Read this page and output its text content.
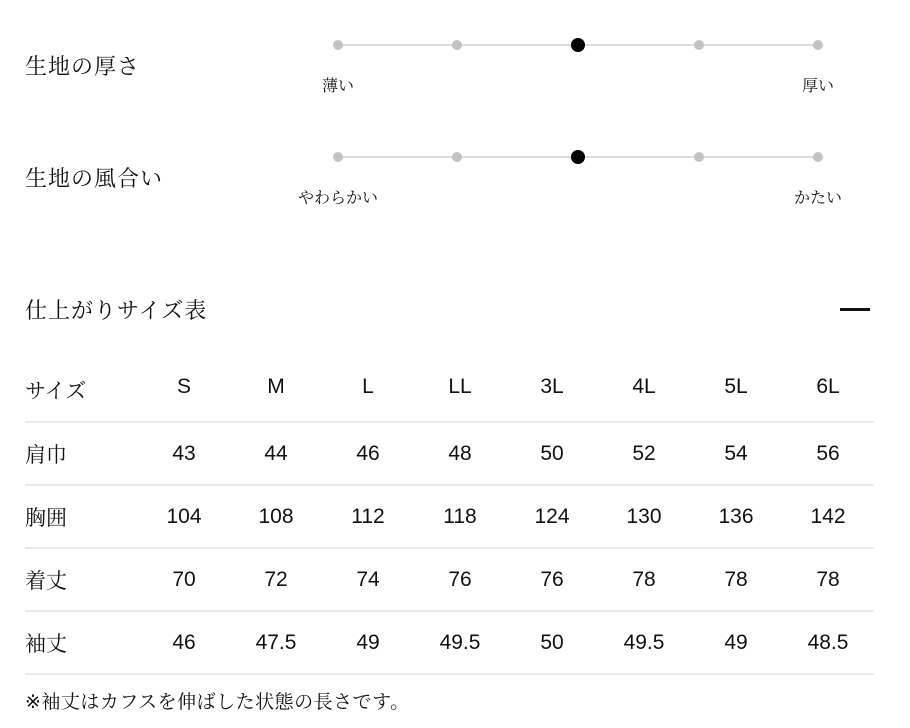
生地の厚さ
薄い	厚い
生地の風合い
やわらかい	かたい
仕上がりサイズ表
サイズ	S	M	L	LL	3L	4L	5L	6L
肩巾	43	44	46	48	50	52	54	56
胸囲	104	108	112	118	124	130	136	142
着丈	70	72	74	76	76	78	78	78
袖丈	46	47.5	49	49.5	50	49.5	49	48.5
※袖丈はカフスを伸ばした状態の長さです。
